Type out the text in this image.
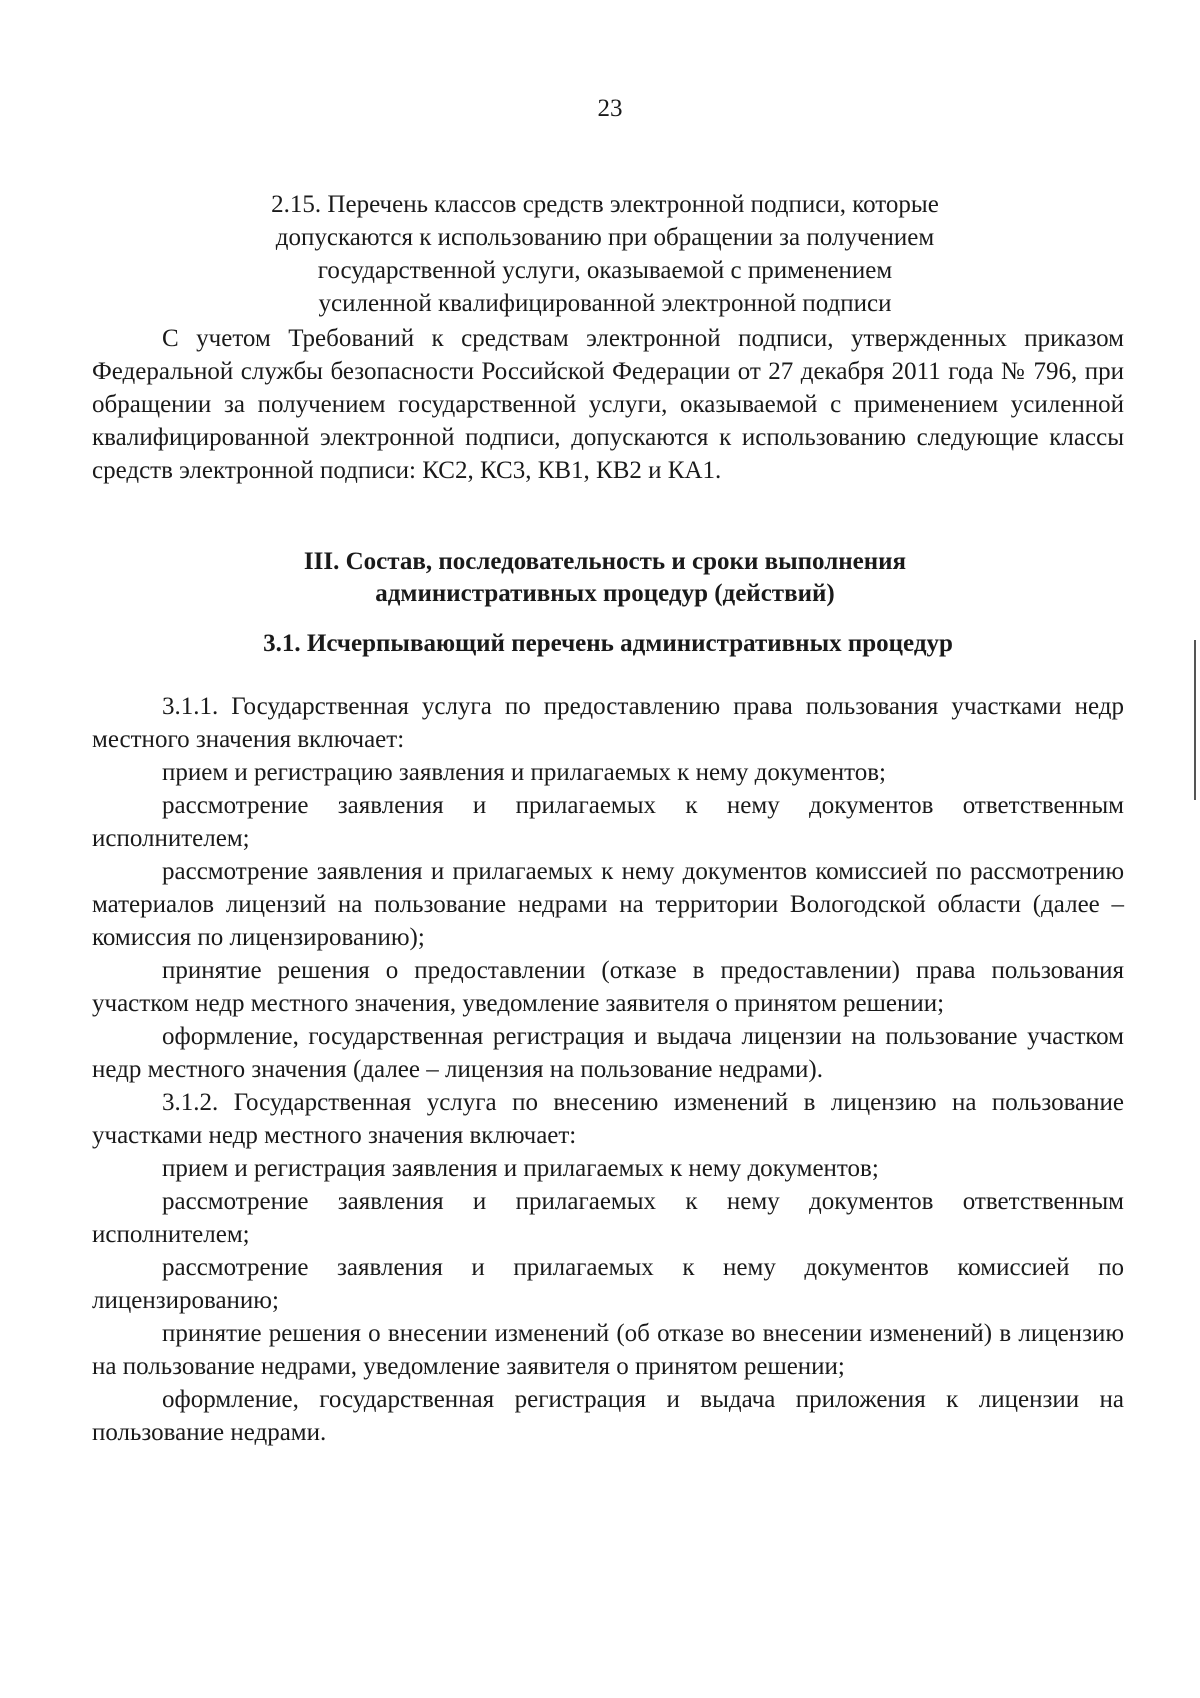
23
2.15. Перечень классов средств электронной подписи, которые
допускаются к использованию при обращении за получением
государственной услуги, оказываемой с применением
усиленной квалифицированной электронной подписи

С учетом Требований к средствам электронной подписи, утвержденных приказом Федеральной службы безопасности Российской Федерации от 27 декабря 2011 года № 796, при обращении за получением государственной услуги, оказываемой с применением усиленной квалифицированной электронной подписи, допускаются к использованию следующие классы средств электронной подписи: КС2, КС3, КВ1, КВ2 и КА1.

III. Состав, последовательность и сроки выполнения
административных процедур (действий)
3.1. Исчерпывающий перечень административных процедур

3.1.1. Государственная услуга по предоставлению права пользования участками недр местного значения включает:

прием и регистрацию заявления и прилагаемых к нему документов;

рассмотрение заявления и прилагаемых к нему документов ответственным исполнителем;

рассмотрение заявления и прилагаемых к нему документов комиссией по рассмотрению материалов лицензий на пользование недрами на территории Вологодской области (далее – комиссия по лицензированию);

принятие решения о предоставлении (отказе в предоставлении) права пользования участком недр местного значения, уведомление заявителя о принятом решении;

оформление, государственная регистрация и выдача лицензии на пользование участком недр местного значения (далее – лицензия на пользование недрами).

3.1.2. Государственная услуга по внесению изменений в лицензию на пользование участками недр местного значения включает:

прием и регистрация заявления и прилагаемых к нему документов;

рассмотрение заявления и прилагаемых к нему документов ответственным исполнителем;

рассмотрение заявления и прилагаемых к нему документов комиссией по лицензированию;

принятие решения о внесении изменений (об отказе во внесении изменений) в лицензию на пользование недрами, уведомление заявителя о принятом решении;

оформление, государственная регистрация и выдача приложения к лицензии на пользование недрами.
